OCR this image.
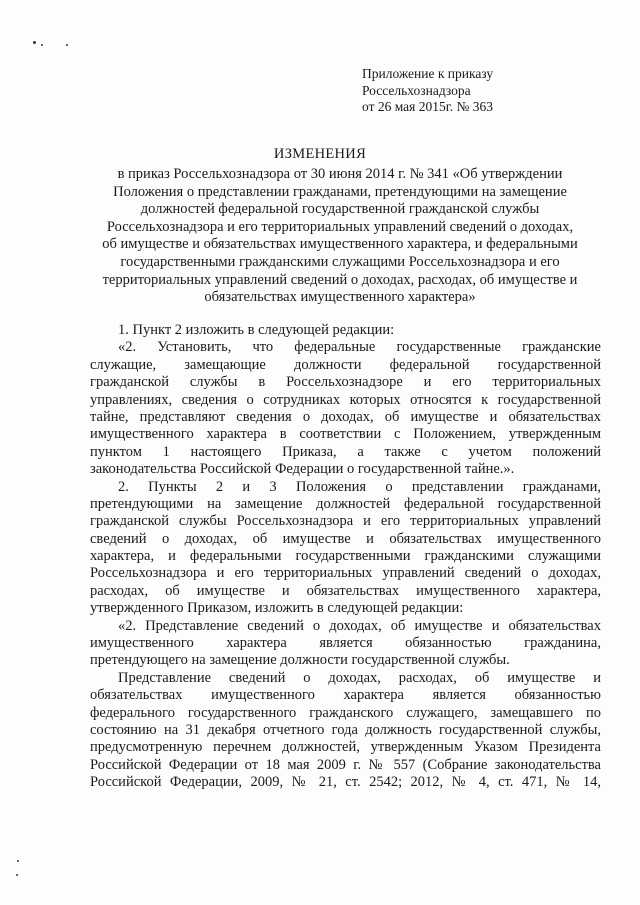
Приложение к приказу
Россельхознадзора
от 26 мая 2015г. № 363
ИЗМЕНЕНИЯ
в приказ Россельхознадзора от 30 июня 2014 г. № 341 «Об утверждении
Положения о представлении гражданами, претендующими на замещение
должностей федеральной государственной гражданской службы
Россельхознадзора и его территориальных управлений сведений о доходах,
об имуществе и обязательствах имущественного характера, и федеральными
государственными гражданскими служащими Россельхознадзора и его
территориальных управлений сведений о доходах, расходах, об имуществе и
обязательствах имущественного характера»
1. Пункт 2 изложить в следующей редакции:
«2. Установить, что федеральные государственные гражданские
служащие, замещающие должности федеральной государственной
гражданской службы в Россельхознадзоре и его территориальных
управлениях, сведения о сотрудниках которых относятся к государственной
тайне, представляют сведения о доходах, об имуществе и обязательствах
имущественного характера в соответствии с Положением, утвержденным
пунктом 1 настоящего Приказа, а также с учетом положений
законодательства Российской Федерации о государственной тайне.».
2. Пункты 2 и 3 Положения о представлении гражданами,
претендующими на замещение должностей федеральной государственной
гражданской службы Россельхознадзора и его территориальных управлений
сведений о доходах, об имуществе и обязательствах имущественного
характера, и федеральными государственными гражданскими служащими
Россельхознадзора и его территориальных управлений сведений о доходах,
расходах, об имуществе и обязательствах имущественного характера,
утвержденного Приказом, изложить в следующей редакции:
«2. Представление сведений о доходах, об имуществе и обязательствах
имущественного характера является обязанностью гражданина,
претендующего на замещение должности государственной службы.
Представление сведений о доходах, расходах, об имуществе и
обязательствах имущественного характера является обязанностью
федерального государственного гражданского служащего, замещавшего по
состоянию на 31 декабря отчетного года должность государственной службы,
предусмотренную перечнем должностей, утвержденным Указом Президента
Российской Федерации от 18 мая 2009 г. № 557 (Собрание законодательства
Российской Федерации, 2009, № 21, ст. 2542; 2012, № 4, ст. 471, № 14,
